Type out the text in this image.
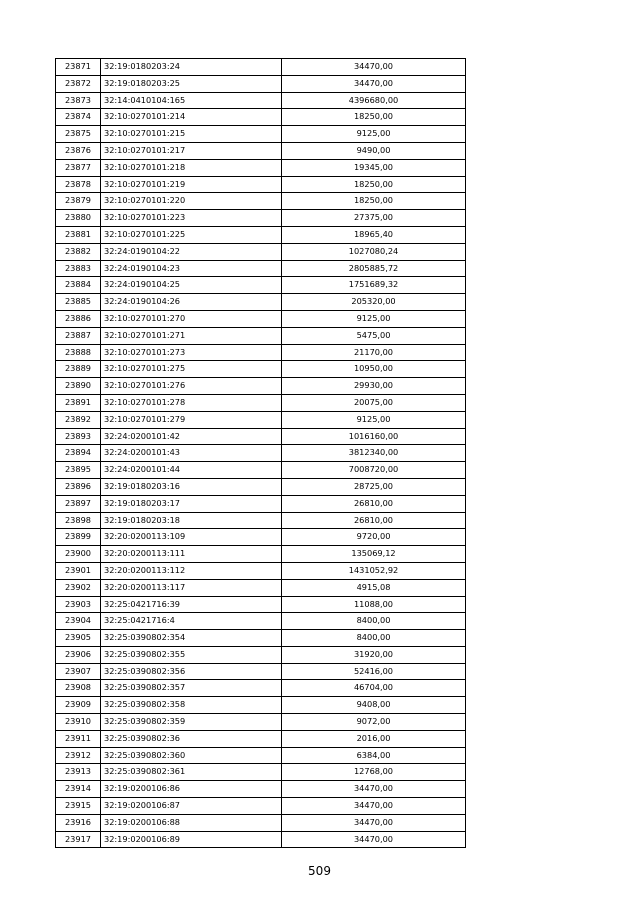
23871	32:19:0180203:24	34470,00
23872	32:19:0180203:25	34470,00
23873	32:14:0410104:165	4396680,00
23874	32:10:0270101:214	18250,00
23875	32:10:0270101:215	9125,00
23876	32:10:0270101:217	9490,00
23877	32:10:0270101:218	19345,00
23878	32:10:0270101:219	18250,00
23879	32:10:0270101:220	18250,00
23880	32:10:0270101:223	27375,00
23881	32:10:0270101:225	18965,40
23882	32:24:0190104:22	1027080,24
23883	32:24:0190104:23	2805885,72
23884	32:24:0190104:25	1751689,32
23885	32:24:0190104:26	205320,00
23886	32:10:0270101:270	9125,00
23887	32:10:0270101:271	5475,00
23888	32:10:0270101:273	21170,00
23889	32:10:0270101:275	10950,00
23890	32:10:0270101:276	29930,00
23891	32:10:0270101:278	20075,00
23892	32:10:0270101:279	9125,00
23893	32:24:0200101:42	1016160,00
23894	32:24:0200101:43	3812340,00
23895	32:24:0200101:44	7008720,00
23896	32:19:0180203:16	28725,00
23897	32:19:0180203:17	26810,00
23898	32:19:0180203:18	26810,00
23899	32:20:0200113:109	9720,00
23900	32:20:0200113:111	135069,12
23901	32:20:0200113:112	1431052,92
23902	32:20:0200113:117	4915,08
23903	32:25:0421716:39	11088,00
23904	32:25:0421716:4	8400,00
23905	32:25:0390802:354	8400,00
23906	32:25:0390802:355	31920,00
23907	32:25:0390802:356	52416,00
23908	32:25:0390802:357	46704,00
23909	32:25:0390802:358	9408,00
23910	32:25:0390802:359	9072,00
23911	32:25:0390802:36	2016,00
23912	32:25:0390802:360	6384,00
23913	32:25:0390802:361	12768,00
23914	32:19:0200106:86	34470,00
23915	32:19:0200106:87	34470,00
23916	32:19:0200106:88	34470,00
23917	32:19:0200106:89	34470,00
509
